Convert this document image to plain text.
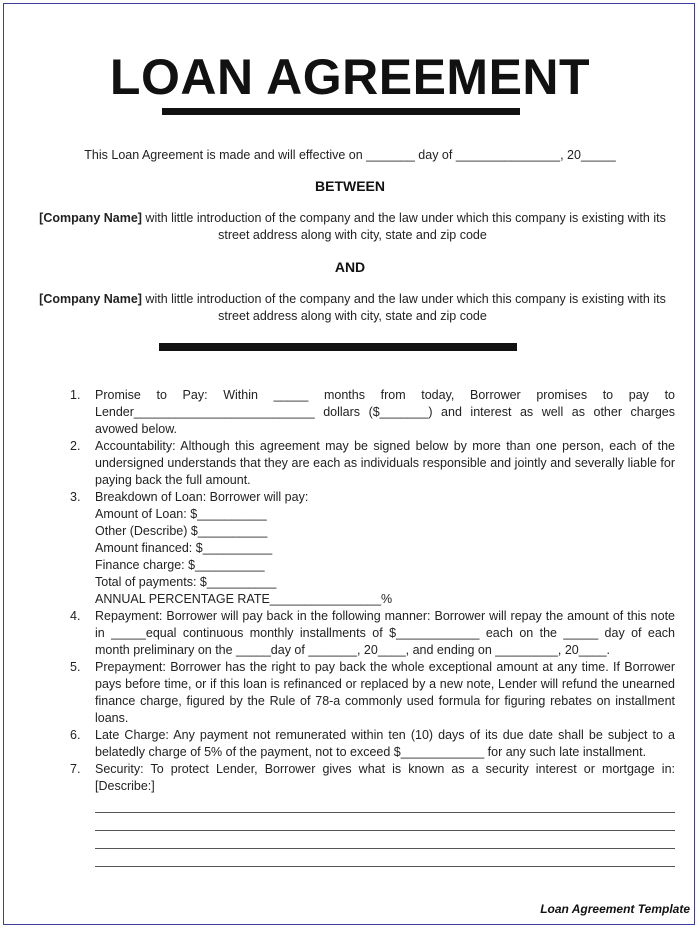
LOAN AGREEMENT
This Loan Agreement is made and will effective on _______ day of _______________, 20_____
BETWEEN
[Company Name] with little introduction of the company and the law under which this company is existing with its street address along with city, state and zip code
AND
[Company Name] with little introduction of the company and the law under which this company is existing with its street address along with city, state and zip code
1.	Promise to Pay: Within _____ months from today, Borrower promises to pay to Lender__________________________ dollars ($_______) and interest as well as other charges avowed below.
2.	Accountability: Although this agreement may be signed below by more than one person, each of the undersigned understands that they are each as individuals responsible and jointly and severally liable for paying back the full amount.
3.	Breakdown of Loan: Borrower will pay:
Amount of Loan: $__________
Other (Describe) $__________
Amount financed: $__________
Finance charge: $__________
Total of payments: $__________
ANNUAL PERCENTAGE RATE________________%
4.	Repayment: Borrower will pay back in the following manner: Borrower will repay the amount of this note in _____equal continuous monthly installments of $____________ each on the _____ day of each month preliminary on the _____day of _______, 20____, and ending on _________, 20____.
5.	Prepayment: Borrower has the right to pay back the whole exceptional amount at any time. If Borrower pays before time, or if this loan is refinanced or replaced by a new note, Lender will refund the unearned finance charge, figured by the Rule of 78-a commonly used formula for figuring rebates on installment loans.
6.	Late Charge: Any payment not remunerated within ten (10) days of its due date shall be subject to a belatedly charge of 5% of the payment, not to exceed $____________ for any such late installment.
7.	Security: To protect Lender, Borrower gives what is known as a security interest or mortgage in: [Describe:]
Loan Agreement Template
